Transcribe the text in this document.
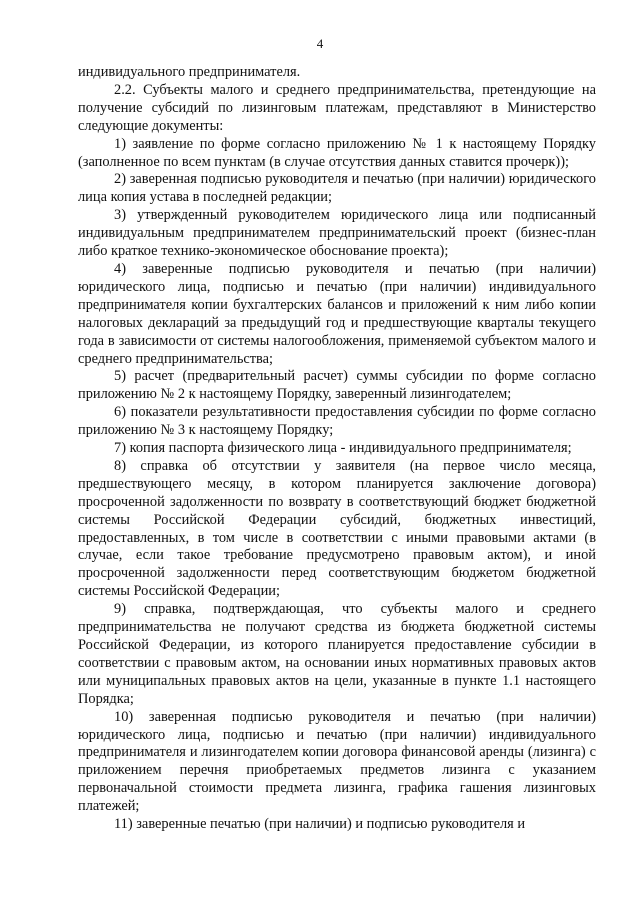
4

индивидуального предпринимателя.

2.2. Субъекты малого и среднего предпринимательства, претендующие на получение субсидий по лизинговым платежам, представляют в Министерство следующие документы:

1) заявление по форме согласно приложению № 1 к настоящему Порядку (заполненное по всем пунктам (в случае отсутствия данных ставится прочерк));

2) заверенная подписью руководителя и печатью (при наличии) юридического лица копия устава в последней редакции;

3) утвержденный руководителем юридического лица или подписанный индивидуальным предпринимателем предпринимательский проект (бизнес-план либо краткое технико-экономическое обоснование проекта);

4) заверенные подписью руководителя и печатью (при наличии) юридического лица, подписью и печатью (при наличии) индивидуального предпринимателя копии бухгалтерских балансов и приложений к ним либо копии налоговых деклараций за предыдущий год и предшествующие кварталы текущего года в зависимости от системы налогообложения, применяемой субъектом малого и среднего предпринимательства;

5) расчет (предварительный расчет) суммы субсидии по форме согласно приложению № 2 к настоящему Порядку, заверенный лизингодателем;

6) показатели результативности предоставления субсидии по форме согласно приложению № 3 к настоящему Порядку;

7) копия паспорта физического лица - индивидуального предпринимателя;

8) справка об отсутствии у заявителя (на первое число месяца, предшествующего месяцу, в котором планируется заключение договора) просроченной задолженности по возврату в соответствующий бюджет бюджетной системы Российской Федерации субсидий, бюджетных инвестиций, предоставленных, в том числе в соответствии с иными правовыми актами (в случае, если такое требование предусмотрено правовым актом), и иной просроченной задолженности перед соответствующим бюджетом бюджетной системы Российской Федерации;

9) справка, подтверждающая, что субъекты малого и среднего предпринимательства не получают средства из бюджета бюджетной системы Российской Федерации, из которого планируется предоставление субсидии в соответствии с правовым актом, на основании иных нормативных правовых актов или муниципальных правовых актов на цели, указанные в пункте 1.1 настоящего Порядка;

10) заверенная подписью руководителя и печатью (при наличии) юридического лица, подписью и печатью (при наличии) индивидуального предпринимателя и лизингодателем копии договора финансовой аренды (лизинга) с приложением перечня приобретаемых предметов лизинга с указанием первоначальной стоимости предмета лизинга, графика гашения лизинговых платежей;

11) заверенные печатью (при наличии) и подписью руководителя и
